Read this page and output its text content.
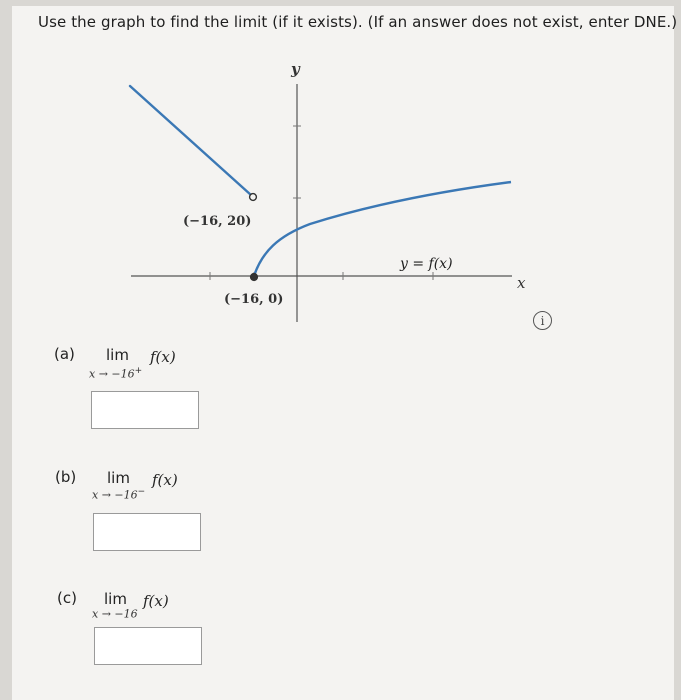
Use the graph to find the limit (if it exists). (If an answer does not exist, enter DNE.)
y
x
(−16, 20)
(−16, 0)
y = f(x)
i
(a) lim f(x)
x → −16+
(b) lim f(x)
x → −16−
(c) lim f(x)
x → −16
